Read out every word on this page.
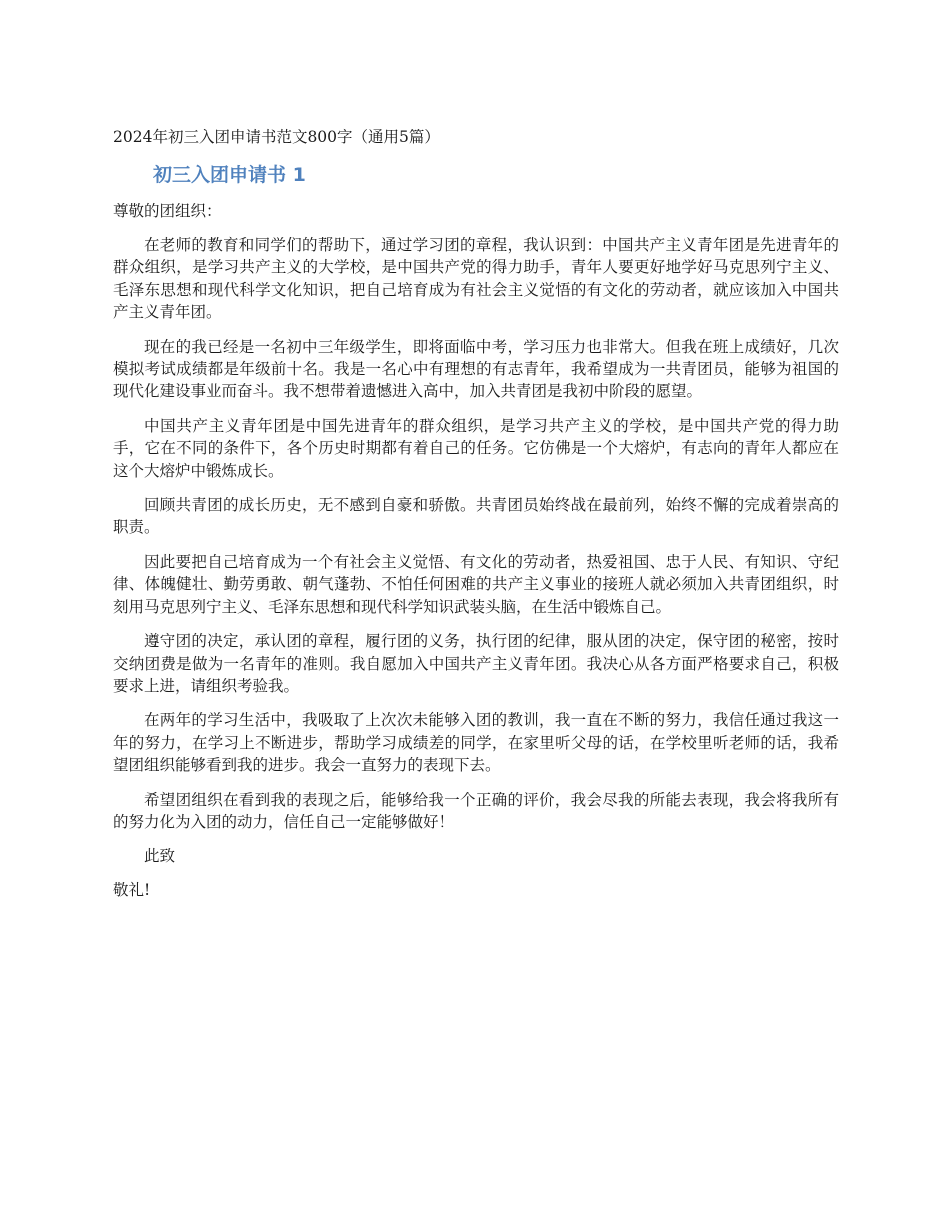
2024年初三入团申请书范文800字（通用5篇）

初三入团申请书 1

尊敬的团组织：

在老师的教育和同学们的帮助下，通过学习团的章程，我认识到：中国共产主义青年团是先进青年的群众组织，是学习共产主义的大学校，是中国共产党的得力助手，青年人要更好地学好马克思列宁主义、毛泽东思想和现代科学文化知识，把自己培育成为有社会主义觉悟的有文化的劳动者，就应该加入中国共产主义青年团。

现在的我已经是一名初中三年级学生，即将面临中考，学习压力也非常大。但我在班上成绩好，几次模拟考试成绩都是年级前十名。我是一名心中有理想的有志青年，我希望成为一共青团员，能够为祖国的现代化建设事业而奋斗。我不想带着遗憾进入高中，加入共青团是我初中阶段的愿望。

中国共产主义青年团是中国先进青年的群众组织，是学习共产主义的学校，是中国共产党的得力助手，它在不同的条件下，各个历史时期都有着自己的任务。它仿佛是一个大熔炉，有志向的青年人都应在这个大熔炉中锻炼成长。

回顾共青团的成长历史，无不感到自豪和骄傲。共青团员始终战在最前列，始终不懈的完成着崇高的职责。

因此要把自己培育成为一个有社会主义觉悟、有文化的劳动者，热爱祖国、忠于人民、有知识、守纪律、体魄健壮、勤劳勇敢、朝气蓬勃、不怕任何困难的共产主义事业的接班人就必须加入共青团组织，时刻用马克思列宁主义、毛泽东思想和现代科学知识武装头脑，在生活中锻炼自己。

遵守团的决定，承认团的章程，履行团的义务，执行团的纪律，服从团的决定，保守团的秘密，按时交纳团费是做为一名青年的准则。我自愿加入中国共产主义青年团。我决心从各方面严格要求自己，积极要求上进，请组织考验我。

在两年的学习生活中，我吸取了上次次未能够入团的教训，我一直在不断的努力，我信任通过我这一年的努力，在学习上不断进步，帮助学习成绩差的同学，在家里听父母的话，在学校里听老师的话，我希望团组织能够看到我的进步。我会一直努力的表现下去。

希望团组织在看到我的表现之后，能够给我一个正确的评价，我会尽我的所能去表现，我会将我所有的努力化为入团的动力，信任自己一定能够做好！

此致

敬礼!
